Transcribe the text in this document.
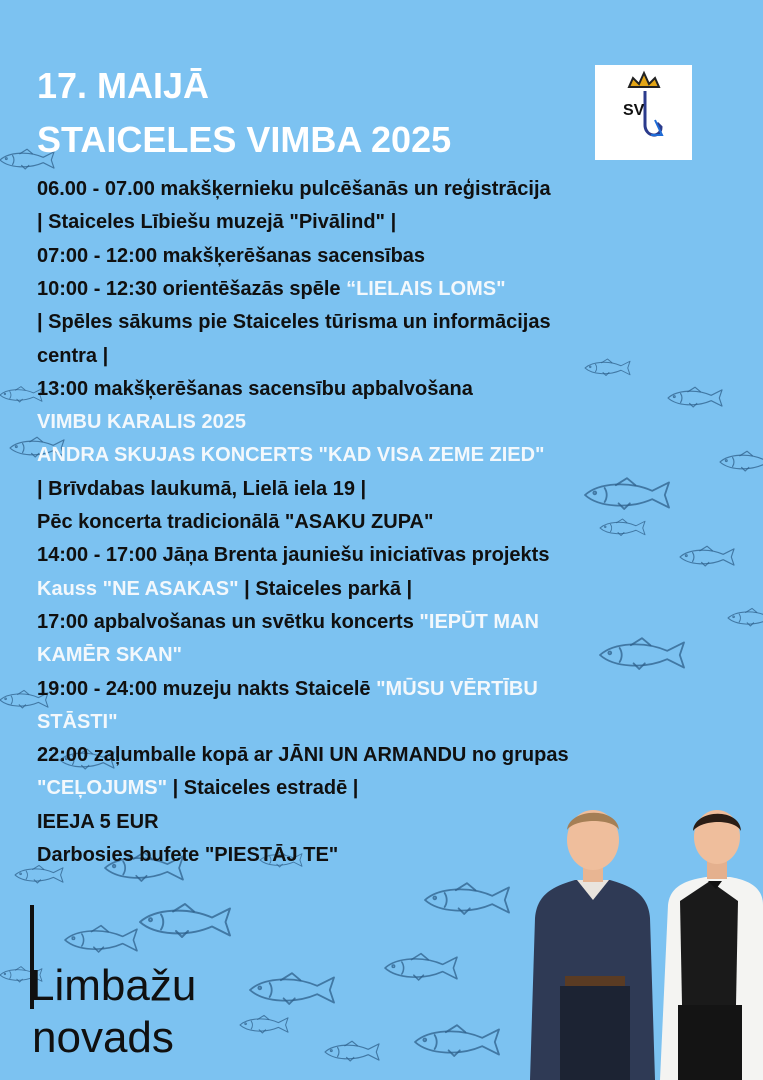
17. MAIJĀ
STAICELES VIMBA 2025
SV
06.00 - 07.00 makšķernieku pulcēšanās un reģistrācija
| Staiceles Lībiešu muzejā "Pivālind" |
07:00 - 12:00 makšķerēšanas sacensības
10:00 - 12:30 orientēšazās spēle “LIELAIS LOMS"
| Spēles sākums pie Staiceles tūrisma un informācijas
centra |
13:00 makšķerēšanas sacensību apbalvošana
VIMBU KARALIS 2025
ANDRA SKUJAS KONCERTS "KAD VISA ZEME ZIED"
| Brīvdabas laukumā, Lielā iela 19 |
Pēc koncerta tradicionālā "ASAKU ZUPA"
14:00 - 17:00 Jāņa Brenta jauniešu iniciatīvas projekts
Kauss "NE ASAKAS" | Staiceles parkā |
17:00 apbalvošanas un svētku koncerts "IEPŪT MAN
KAMĒR SKAN"
19:00 - 24:00 muzeju nakts Staicelē "MŪSU VĒRTĪBU
STĀSTI"
22:00 zaļumballe kopā ar JĀNI UN ARMANDU no grupas
"CEĻOJUMS" | Staiceles estradē |
IEEJA 5 EUR
Darbosies bufete "PIESTĀJ TE"
Limbažu
novads
